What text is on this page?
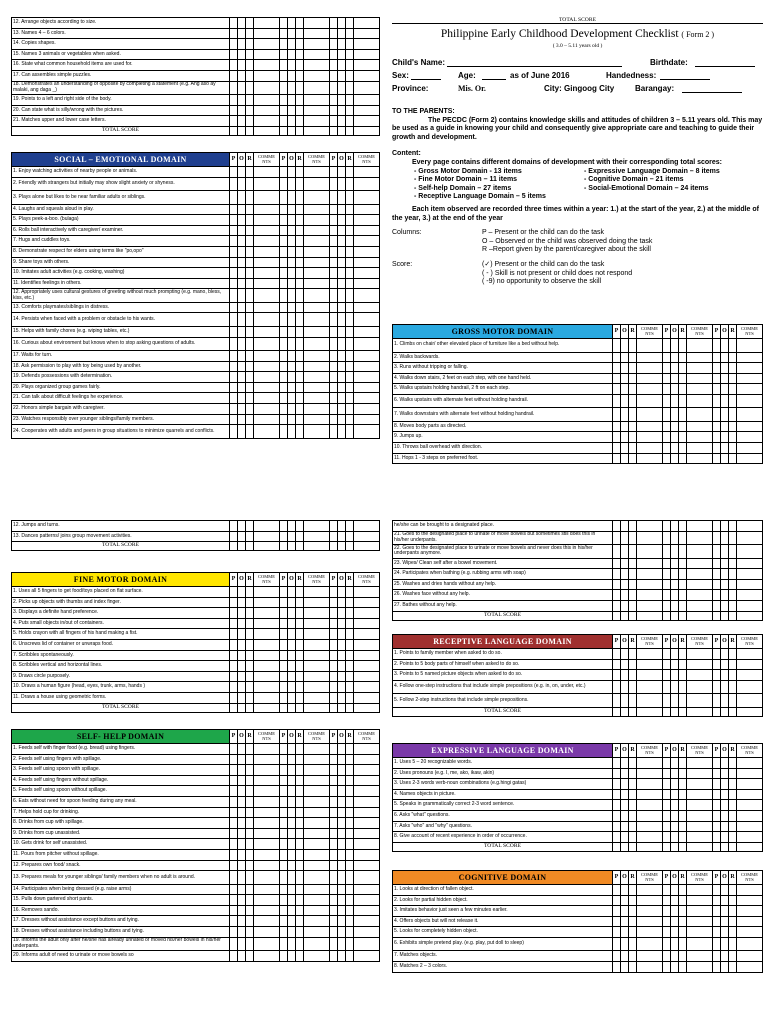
12. Arrange objects according to size.												
13. Names 4 – 6 colors.												
14. Copies shapes.												
15. Names 3 animals or vegetables when asked.												
16. State what common household items are used for.												
17. Can assembles simple puzzles.												
18. Demonstrates an understanding of opposite by completing a statement (e.g. Ang aso ay malaki, ang daga _)												
19. Points to a left and right side of the body.												
20. Can state what is silly/wrong with the pictures.												
21. Matches upper and lower case letters.												
TOTAL SCORE												
SOCIAL – EMOTIONAL DOMAIN	P	O	R	COMME NTS	P	O	R	COMME NTS	P	O	R	COMME NTS
1. Enjoy watching activities of nearby people or animals.												
2. Friendly with strangers but initially may show slight anxiety or shyness.												
3. Plays alone but likes to be near familiar adults or siblings.												
4. Laughs and squeals aloud in play.												
5. Plays peek-a-boo. (bulaga)												
6. Rolls ball interactively with caregiver/ examiner.												
7. Hugs and cuddles toys.												
8. Demonstrate respect for elders using terms like "po,opo"												
9. Share toys with others.												
10. Imitates adult activities (e.g. cooking, washing)												
11. Identifies feelings in others.												
12. Appropriately uses cultural gestures of greeting without much prompting (e.g. mano, bless, kiss, etc.)												
13. Comforts playmates/siblings in distress.												
14. Persists when faced with a problem or obstacle to his wants.												
15. Helps with family chores (e.g. wiping tables, etc.)												
16. Curious about environment but knows when to stop asking questions of adults.												
17. Waits for turn.												
18. Ask permission to play with toy being used by another.												
19. Defends possessions with determination.												
20. Plays organized group games fairly.												
21. Can talk about difficult feelings he experience.												
22. Honors simple bargain with caregiver.												
23. Watches responsibly over younger siblings/family members.												
24. Cooperates with adults and peers in group situations to minimize quarrels and conflicts.												
TOTAL SCORE
Philippine Early Childhood Development Checklist ( Form 2 )
( 3.0 – 5.11 years old )
Child's Name:	Birthdate:
Sex:	Age:	as of June 2016	Handedness:
Province:	Mis. Or.	City: Gingoog City	Barangay:
TO THE PARENTS:
The PECDC (Form 2) contains knowledge skills and attitudes of children 3 – 5.11 years old. This may be used as a guide in knowing your child and consequently give appropriate care and teaching to guide their growth and development.
Content:
Every page contains different domains of development with their corresponding total scores:
- Gross Motor Domain - 13 items
- Fine Motor Domain – 11 items
- Self-help Domain – 27 items
- Receptive Language Domain – 5 items
- Expressive Language Domain – 8 items
- Cognitive Domain – 21 items
- Social-Emotional Domain – 24 items
Each item observed are recorded three times within a year: 1.) at the start of the year, 2.) at the middle of the year, 3.) at the end of the year
Columns:	P – Present or the child can do the task
O – Observed or the child was observed doing the task
R –Report given by the parent/caregiver about the skill
Score:	(✓) Present or the child can do the task
( - ) Skill is not present or child does not respond
( -9) no opportunity to observe the skill
GROSS MOTOR DOMAIN	P	O	R	COMME NTS	P	O	R	COMME NTS	P	O	R	COMME NTS
1. Climbs on chair/ other elevated place of furniture like a bed without help.												
2. Walks backwards.												
3. Runs without tripping or falling.												
4. Walks down stairs, 2 feet on each step, with one hand held.												
5. Walks upstairs holding handrail, 2 ft on each step.												
6. Walks upstairs with alternate feet without holding handrail.												
7. Walks downstairs with alternate feet without holding handrail.												
8. Moves body parts as directed.												
9. Jumps up.												
10. Throws ball overhead with direction.												
11. Hops 1 - 3 steps on preferred foot.												
12. Jumps and turns.												
13. Dances patterns/ joins group movement activities.												
TOTAL SCORE												
FINE MOTOR DOMAIN	P	O	R	COMME NTS	P	O	R	COMME NTS	P	O	R	COMME NTS
1. Uses all 5 fingers to get food/toys placed on flat surface.												
2. Picks up objects with thumbs and index finger.												
3. Displays a definite hand preference.												
4. Puts small objects in/out of containers.												
5. Holds crayon with all fingers of his hand making a fist.												
6. Unscrews lid of container or unwraps food.												
7. Scribbles spontaneously.												
8. Scribbles vertical and horizontal lines.												
9. Draws circle purposely.												
10. Draws a human figure (head, eyes, trunk, arms, hands )												
11. Draws a house using geometric forms.												
TOTAL SCORE												
SELF- HELP DOMAIN	P	O	R	COMME NTS	P	O	R	COMME NTS	P	O	R	COMME NTS
1. Feeds self with finger food (e.g. bread) using fingers.												
2. Feeds self using fingers with spillage.												
3. Feeds self using spoon with spillage.												
4. Feeds self using fingers without spillage.												
5. Feeds self using spoon without spillage.												
6. Eats without need for spoon feeding during any meal.												
7. Helps hold cup for drinking.												
8. Drinks from cup with spillage.												
9. Drinks from cup unassisted.												
10. Gets drink for self unassisted.												
11. Pours from pitcher without spillage.												
12. Prepares own food/ snack.												
13. Prepares meals for younger siblings/ family members when no adult is around.												
14. Participates when being dressed (e.g. raise arms)												
15. Pulls down gartered short pants.												
16. Removes sando.												
17. Dresses without assistance except buttons and tying.												
18. Dresses without assistance including buttons and tying.												
19. Informs the adult only after he/she has already urinated or moved his/her bowels in his/her underpants.												
20. Informs adult of need to urinate or move bowels so												
he/she can be brought to a designated place.												
21. Goes to the designated place to urinate or move bowels but sometimes still does this in his/her underpants.												
22. Goes to the designated place to urinate or move bowels and never does this in his/her underpants anymore.												
23. Wipes/ Clean self after a bowel movement.												
24. Participates when bathing (e.g. rubbing arms with soap)												
25. Washes and dries hands without any help.												
26. Washes face without any help.												
27. Bathes without any help.												
TOTAL SCORE												
RECEPTIVE LANGUAGE DOMAIN	P	O	R	COMME NTS	P	O	R	COMME NTS	P	O	R	COMME NTS
1. Points to family member when asked to do so.												
2. Points to 5 body parts of himself when asked to do so.												
3. Points to 5 named picture objects when asked to do so.												
4. Follow one-step instructions that include simple prepositions (e.g. in, on, under, etc.)												
5. Follow 2-step instructions that include simple prepositions.												
TOTAL SCORE												
EXPRESSIVE LANGUAGE DOMAIN	P	O	R	COMME NTS	P	O	R	COMME NTS	P	O	R	COMME NTS
1. Uses 5 – 20 recognizable words.												
2. Uses pronouns (e.g. I, me, ako, ikaw, akin)												
3. Uses 2-3 words verb-noun combinations (e.g.hingi gatas)												
4. Names objects in picture.												
5. Speaks in grammatically correct 2-3 word sentence.												
6. Asks "what" questions.												
7. Asks "who" and "why" questions.												
8. Give account of recent experience in order of occurrence.												
TOTAL SCORE												
COGNITIVE DOMAIN	P	O	R	COMME NTS	P	O	R	COMME NTS	P	O	R	COMME NTS
1. Looks at direction of fallen object.												
2. Looks for partial hidden object.												
3. Imitates behavior just seen a few minutes earlier.												
4. Offers objects but will not release it.												
5. Looks for completely hidden object.												
6. Exhibits simple pretend play. (e.g. play, put doll to sleep)												
7. Matches objects.												
8. Matches 2 – 3 colors.												
